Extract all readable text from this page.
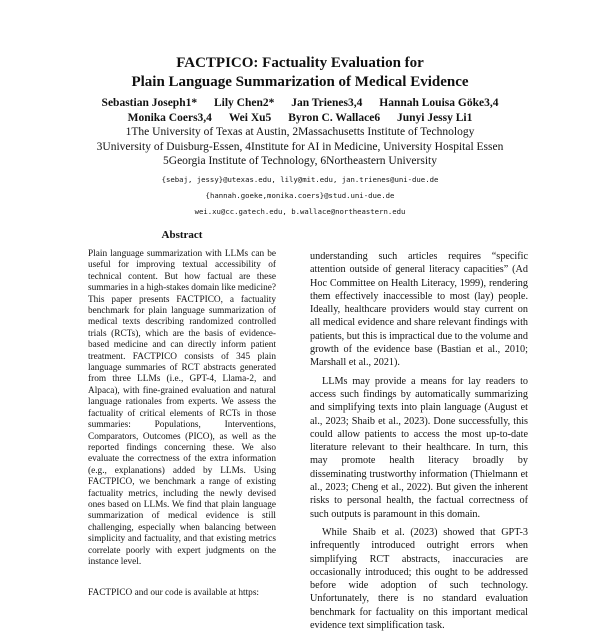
FACTPICO: Factuality Evaluation for
Plain Language Summarization of Medical Evidence
Sebastian Joseph1* Lily Chen2* Jan Trienes3,4 Hannah Louisa Göke3,4
Monika Coers3,4 Wei Xu5 Byron C. Wallace6 Junyi Jessy Li1
1The University of Texas at Austin, 2Massachusetts Institute of Technology
3University of Duisburg-Essen, 4Institute for AI in Medicine, University Hospital Essen
5Georgia Institute of Technology, 6Northeastern University
{sebaj, jessy}@utexas.edu, lily@mit.edu, jan.trienes@uni-due.de
{hannah.goeke,monika.coers}@stud.uni-due.de
wei.xu@cc.gatech.edu, b.wallace@northeastern.edu
Abstract

Plain language summarization with LLMs can be useful for improving textual accessibility of technical content. But how factual are these summaries in a high-stakes domain like medicine? This paper presents FACTPICO, a factuality benchmark for plain language summarization of medical texts describing randomized controlled trials (RCTs), which are the basis of evidence-based medicine and can directly inform patient treatment. FACTPICO consists of 345 plain language summaries of RCT abstracts generated from three LLMs (i.e., GPT-4, Llama-2, and Alpaca), with fine-grained evaluation and natural language rationales from experts. We assess the factuality of critical elements of RCTs in those summaries: Populations, Interventions, Comparators, Outcomes (PICO), as well as the reported findings concerning these. We also evaluate the correctness of the extra information (e.g., explanations) added by LLMs. Using FACTPICO, we benchmark a range of existing factuality metrics, including the newly devised ones based on LLMs. We find that plain language summarization of medical evidence is still challenging, especially when balancing between simplicity and factuality, and that existing metrics correlate poorly with expert judgments on the instance level.

FACTPICO and our code is available at https:

understanding such articles requires “specific attention outside of general literacy capacities” (Ad Hoc Committee on Health Literacy, 1999), rendering them effectively inaccessible to most (lay) people. Ideally, healthcare providers would stay current on all medical evidence and share relevant findings with patients, but this is impractical due to the volume and growth of the evidence base (Bastian et al., 2010; Marshall et al., 2021).

LLMs may provide a means for lay readers to access such findings by automatically summarizing and simplifying texts into plain language (August et al., 2023; Shaib et al., 2023). Done successfully, this could allow patients to access the most up-to-date literature relevant to their healthcare. In turn, this may promote health literacy broadly by disseminating trustworthy information (Thielmann et al., 2023; Cheng et al., 2022). But given the inherent risks to personal health, the factual correctness of such outputs is paramount in this domain.

While Shaib et al. (2023) showed that GPT-3 infrequently introduced outright errors when simplifying RCT abstracts, inaccuracies are occasionally introduced; this ought to be addressed before wide adoption of such technology. Unfortunately, there is no standard evaluation benchmark for factuality on this important medical evidence text simplification task.
